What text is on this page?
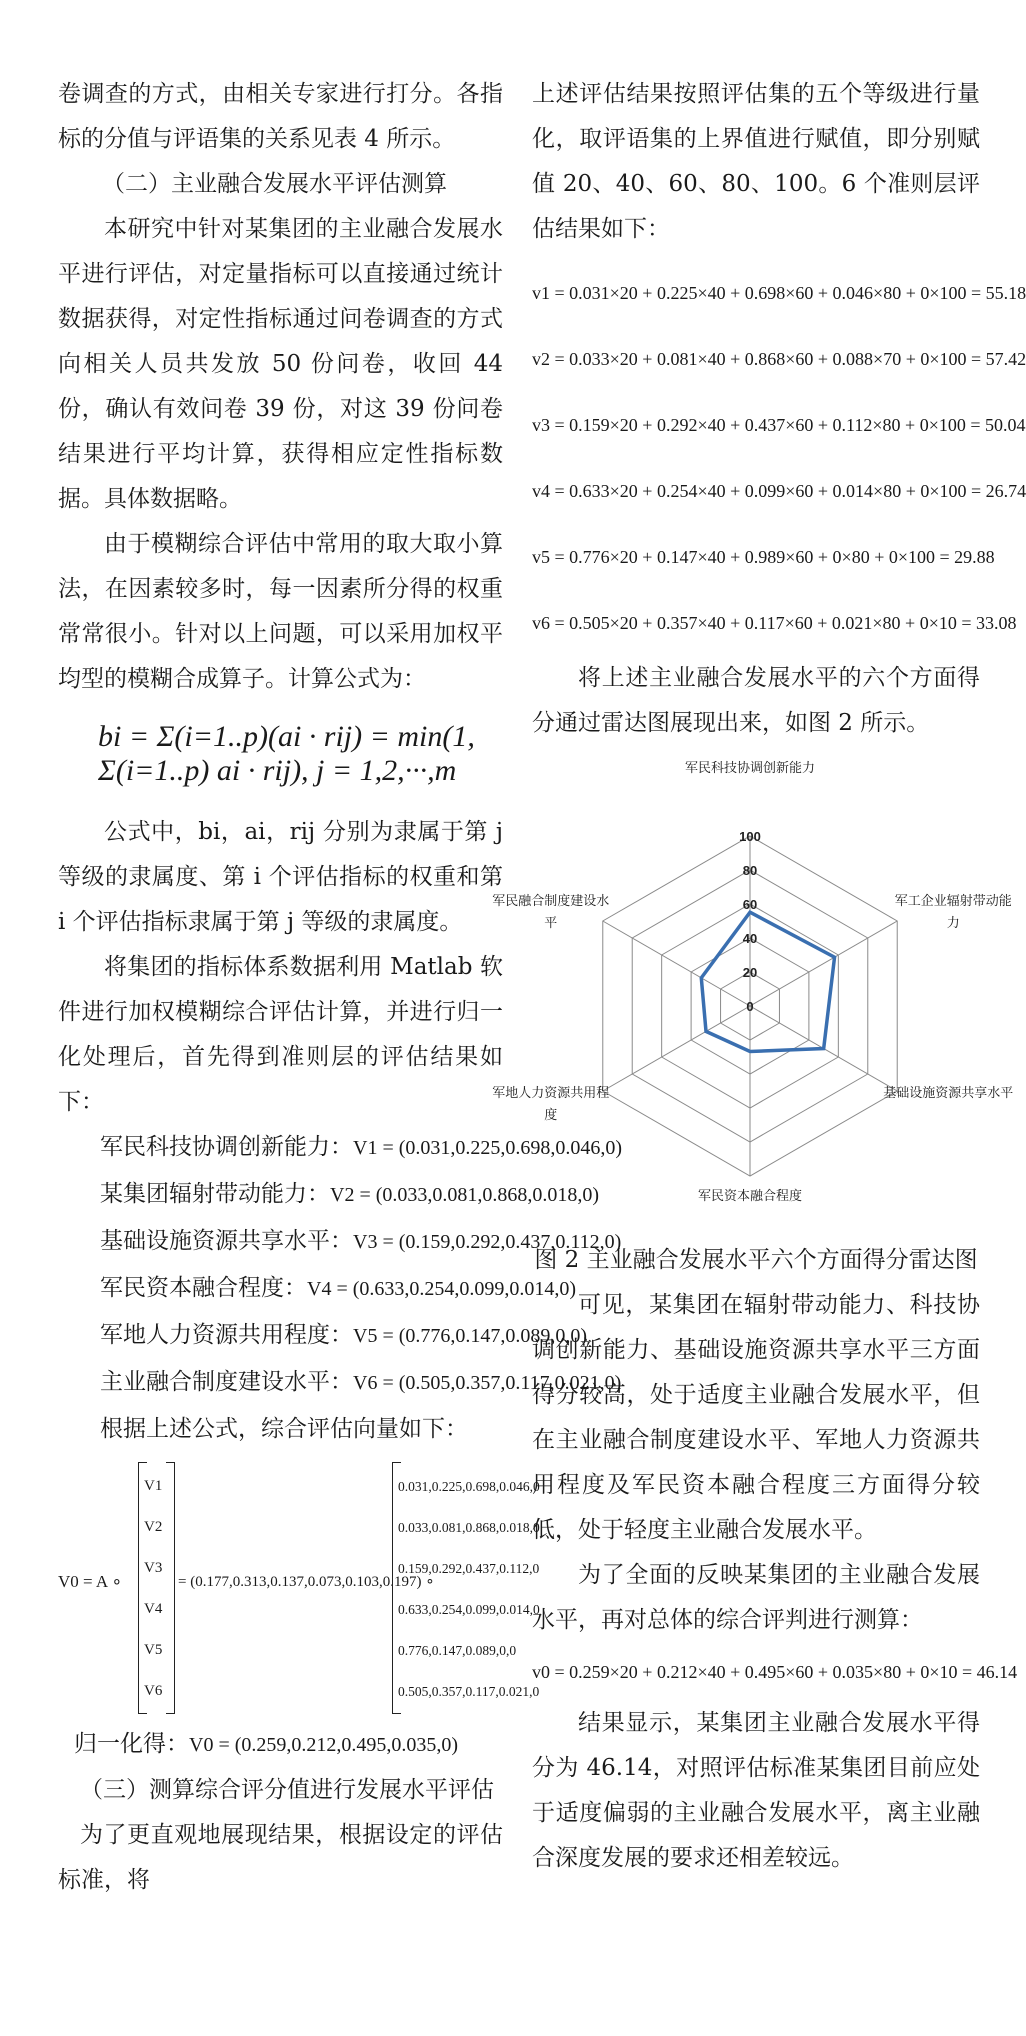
卷调查的方式，由相关专家进行打分。各指标的分值与评语集的关系见表 4 所示。

（二）主业融合发展水平评估测算

本研究中针对某集团的主业融合发展水平进行评估，对定量指标可以直接通过统计数据获得，对定性指标通过问卷调查的方式向相关人员共发放 50 份问卷，收回 44 份，确认有效问卷 39 份，对这 39 份问卷结果进行平均计算，获得相应定性指标数据。具体数据略。

由于模糊综合评估中常用的取大取小算法，在因素较多时，每一因素所分得的权重常常很小。针对以上问题，可以采用加权平均型的模糊合成算子。计算公式为：

bi = Σ(i=1..p)(ai · rij) = min(1, Σ(i=1..p) ai · rij), j = 1,2,···,m

公式中，bi，ai，rij 分别为隶属于第 j 等级的隶属度、第 i 个评估指标的权重和第 i 个评估指标隶属于第 j 等级的隶属度。

将集团的指标体系数据利用 Matlab 软件进行加权模糊综合评估计算，并进行归一化处理后，首先得到准则层的评估结果如下：

军民科技协调创新能力：V1 = (0.031,0.225,0.698,0.046,0)

某集团辐射带动能力：V2 = (0.033,0.081,0.868,0.018,0)

基础设施资源共享水平：V3 = (0.159,0.292,0.437,0.112,0)

军民资本融合程度：V4 = (0.633,0.254,0.099,0.014,0)

军地人力资源共用程度：V5 = (0.776,0.147,0.089,0,0)

主业融合制度建设水平：V6 = (0.505,0.357,0.117,0.021,0)

根据上述公式，综合评估向量如下：

V0 = A ∘
V1
V2
V3
V4
V5
V6
= (0.177,0.313,0.137,0.073,0.103,0.197) ∘
0.031,0.225,0.698,0.046,0
0.033,0.081,0.868,0.018,0
0.159,0.292,0.437,0.112,0
0.633,0.254,0.099,0.014,0
0.776,0.147,0.089,0,0
0.505,0.357,0.117,0.021,0

归一化得：V0 = (0.259,0.212,0.495,0.035,0)

（三）测算综合评分值进行发展水平评估

为了更直观地展现结果，根据设定的评估标准，将

上述评估结果按照评估集的五个等级进行量化，取评语集的上界值进行赋值，即分别赋值 20、40、60、80、100。6 个准则层评估结果如下：

v1 = 0.031×20 + 0.225×40 + 0.698×60 + 0.046×80 + 0×100 = 55.18

v2 = 0.033×20 + 0.081×40 + 0.868×60 + 0.088×70 + 0×100 = 57.42

v3 = 0.159×20 + 0.292×40 + 0.437×60 + 0.112×80 + 0×100 = 50.04

v4 = 0.633×20 + 0.254×40 + 0.099×60 + 0.014×80 + 0×100 = 26.74

v5 = 0.776×20 + 0.147×40 + 0.989×60 + 0×80 + 0×100 = 29.88

v6 = 0.505×20 + 0.357×40 + 0.117×60 + 0.021×80 + 0×10 = 33.08

将上述主业融合发展水平的六个方面得分通过雷达图展现出来，如图 2 所示。

0
20
40
60
80
100
军民科技协调创新能力
军工企业辐射带动能力
基础设施资源共享水平
军民资本融合程度
军地人力资源共用程度
军民融合制度建设水平

图 2 主业融合发展水平六个方面得分雷达图

可见，某集团在辐射带动能力、科技协调创新能力、基础设施资源共享水平三方面得分较高，处于适度主业融合发展水平，但在主业融合制度建设水平、军地人力资源共用程度及军民资本融合程度三方面得分较低，处于轻度主业融合发展水平。

为了全面的反映某集团的主业融合发展水平，再对总体的综合评判进行测算：

v0 = 0.259×20 + 0.212×40 + 0.495×60 + 0.035×80 + 0×10 = 46.14

结果显示，某集团主业融合发展水平得分为 46.14，对照评估标准某集团目前应处于适度偏弱的主业融合发展水平，离主业融合深度发展的要求还相差较远。
